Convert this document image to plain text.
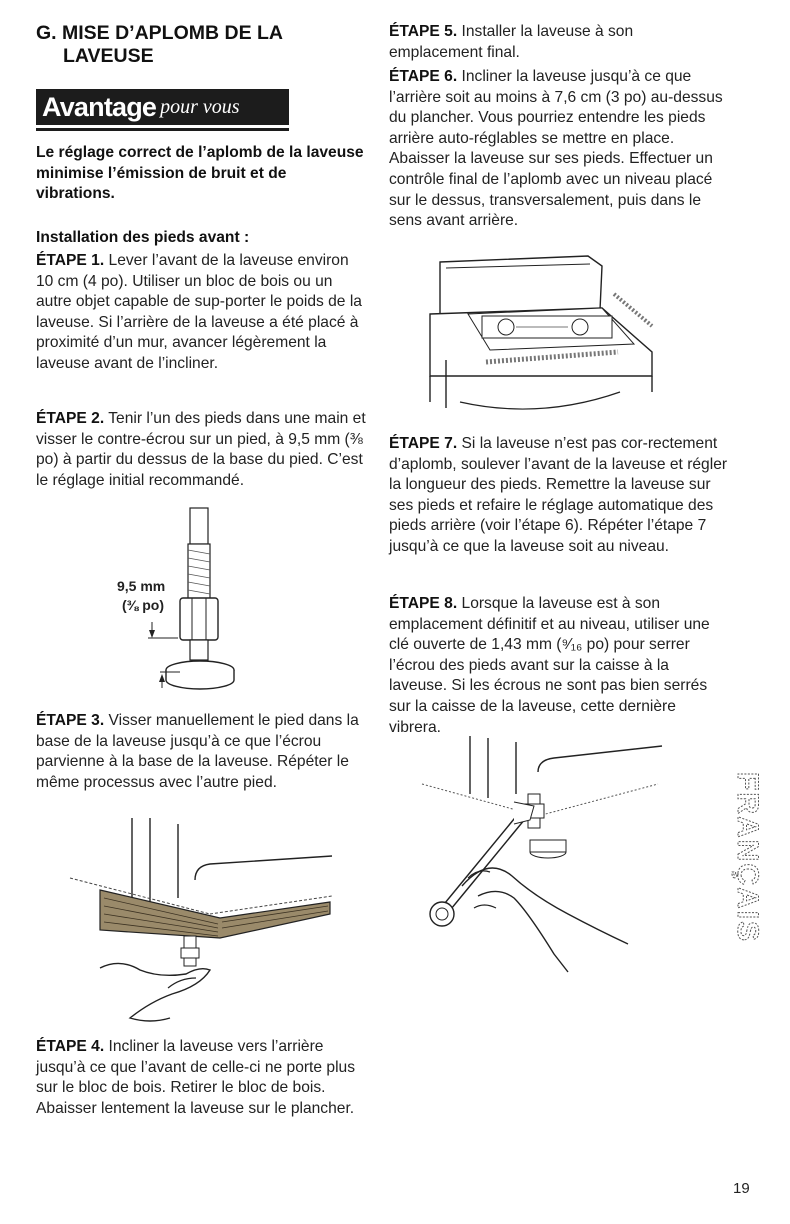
G. MISE D’APLOMB DE LA
LAVEUSE
Avantage pour vous
Le réglage correct de l’aplomb de la laveuse minimise l’émission de bruit et de vibrations.
Installation des pieds avant :
ÉTAPE 1. Lever l’avant de la laveuse environ 10 cm (4 po). Utiliser un bloc de bois ou un autre objet capable de sup-porter le poids de la laveuse. Si l’arrière de la laveuse a été placé à proximité d’un mur, avancer légèrement la laveuse avant de l’incliner.
ÉTAPE 2. Tenir l’un des pieds dans une main et visser le contre-écrou sur un pied, à 9,5 mm (⅜ po) à partir du dessus de la base du pied. C’est le réglage initial recommandé.
9,5 mm
(⅜ po)
ÉTAPE 3. Visser manuellement le pied dans la base de la laveuse jusqu’à ce que l’écrou parvienne à la base de la laveuse. Répéter le même processus avec l’autre pied.
ÉTAPE 4. Incliner la laveuse vers l’arrière jusqu’à ce que l’avant de celle-ci ne porte plus sur le bloc de bois. Retirer le bloc de bois. Abaisser lentement la laveuse sur le plancher.
ÉTAPE 5. Installer la laveuse à son emplacement final.
ÉTAPE 6. Incliner la laveuse jusqu’à ce que l’arrière soit au moins à 7,6 cm (3 po) au-dessus du plancher. Vous pourriez entendre les pieds arrière auto-réglables se mettre en place. Abaisser la laveuse sur ses pieds. Effectuer un contrôle final de l’aplomb avec un niveau placé sur le dessus, transversalement, puis dans le sens avant arrière.
ÉTAPE 7. Si la laveuse n’est pas cor-rectement d’aplomb, soulever l’avant de la laveuse et régler la longueur des pieds. Remettre la laveuse sur ses pieds et refaire le réglage automatique des pieds arrière (voir l’étape 6). Répéter l’étape 7 jusqu’à ce que la laveuse soit au niveau.
ÉTAPE 8. Lorsque la laveuse est à son emplacement définitif et au niveau, utiliser une clé ouverte de 1,43 mm (⁹⁄₁₆ po) pour serrer l’écrou des pieds avant sur la caisse à la laveuse. Si les écrous ne sont pas bien serrés sur la caisse de la laveuse, cette dernière vibrera.
FRANÇAIS
19
